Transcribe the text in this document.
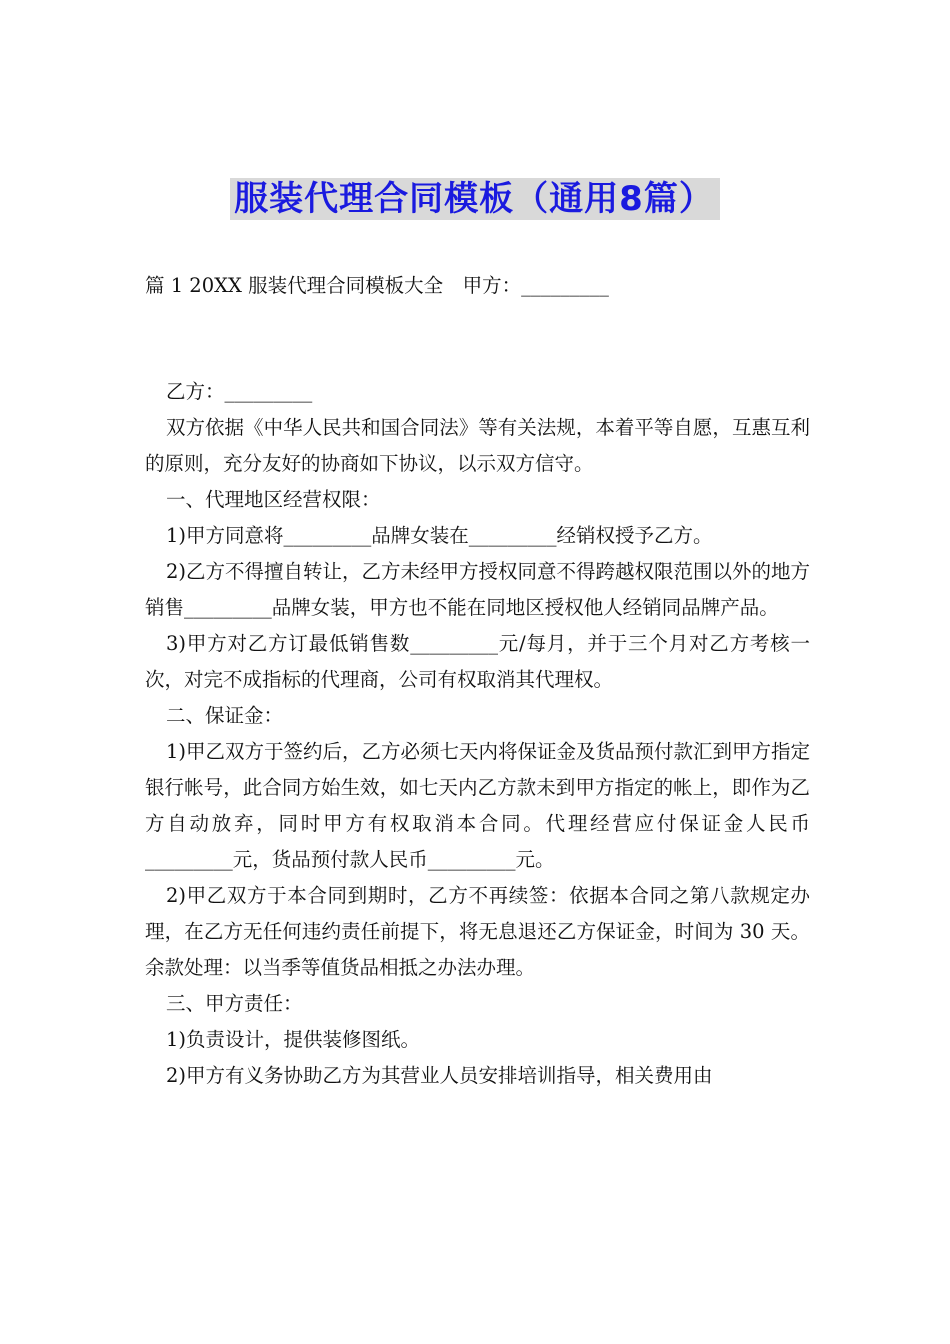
服装代理合同模板（通用8篇）

篇 1 20XX 服装代理合同模板大全　甲方：_________

乙方：_________

双方依据《中华人民共和国合同法》等有关法规，本着平等自愿，互惠互利的原则，充分友好的协商如下协议，以示双方信守。

一、代理地区经营权限：

1)甲方同意将_________品牌女装在_________经销权授予乙方。

2)乙方不得擅自转让，乙方未经甲方授权同意不得跨越权限范围以外的地方销售_________品牌女装，甲方也不能在同地区授权他人经销同品牌产品。

3)甲方对乙方订最低销售数_________元/每月，并于三个月对乙方考核一次，对完不成指标的代理商，公司有权取消其代理权。

二、保证金：

1)甲乙双方于签约后，乙方必须七天内将保证金及货品预付款汇到甲方指定银行帐号，此合同方始生效，如七天内乙方款未到甲方指定的帐上，即作为乙方自动放弃，同时甲方有权取消本合同。代理经营应付保证金人民币_________元，货品预付款人民币_________元。

2)甲乙双方于本合同到期时，乙方不再续签：依据本合同之第八款规定办理，在乙方无任何违约责任前提下，将无息退还乙方保证金，时间为 30 天。余款处理：以当季等值货品相抵之办法办理。

三、甲方责任：

1)负责设计，提供装修图纸。

2)甲方有义务协助乙方为其营业人员安排培训指导，相关费用由
